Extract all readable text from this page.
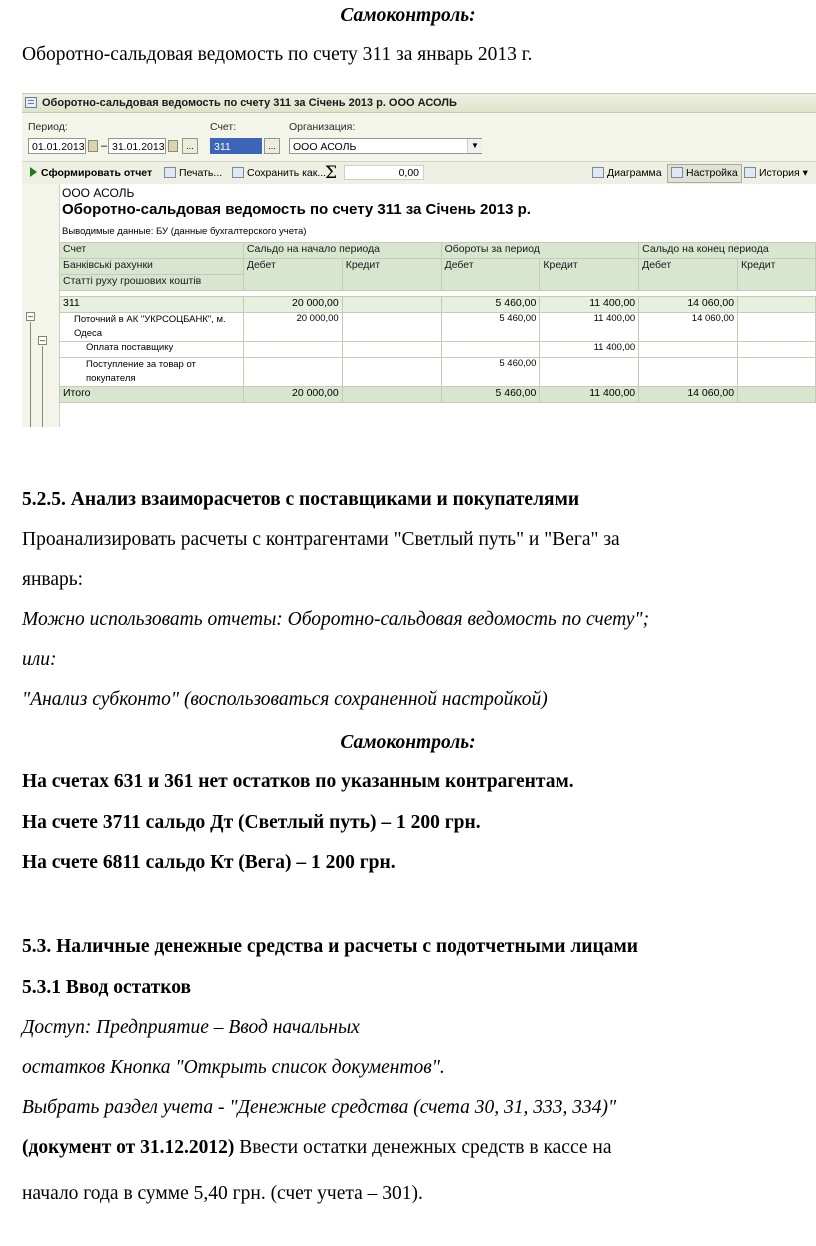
Самоконтроль:
Оборотно-сальдовая ведомость по счету 311 за январь 2013 г.
Оборотно-сальдовая ведомость по счету 311 за Січень 2013 р. ООО АСОЛЬ
Период:
01.01.2013 – 31.01.2013	...
Счет:
311	...
Организация:
ООО АСОЛЬ	▼
Сформировать отчет	Печать...	Сохранить как...
Σ	0,00	Диаграмма	Настройка	История ▾
–
–
ООО АСОЛЬ
Оборотно-сальдовая ведомость по счету 311 за Січень 2013 р.
Выводимые данные: БУ (данные бухгалтерского учета)
Счет	Сальдо на начало периода		Обороты за период		Сальдо на конец периода	
Банківські рахунки	Дебет	Кредит	Дебет	Кредит	Дебет	Кредит
Статті руху грошових коштів						

311	20 000,00		5 460,00	11 400,00	14 060,00	
Поточний в АК "УКРСОЦБАНК", м.
Одеса	20 000,00		5 460,00	11 400,00	14 060,00	
Оплата поставщику				11 400,00		
Поступление за товар от
покупателя			5 460,00			
Итого	20 000,00		5 460,00	11 400,00	14 060,00	
5.2.5. Анализ взаиморасчетов с поставщиками и покупателями
Проанализировать расчеты с контрагентами "Светлый путь" и "Вега" за
январь:
Можно использовать отчеты: Оборотно-сальдовая ведомость по счету";
или:
"Анализ субконто" (воспользоваться сохраненной настройкой)
Самоконтроль:
На счетах 631 и 361 нет остатков по указанным контрагентам.
На счете 3711 сальдо Дт (Светлый путь) – 1 200 грн.
На счете 6811 сальдо Кт (Вега) – 1 200 грн.
5.3. Наличные денежные средства и расчеты с подотчетными лицами
5.3.1 Ввод остатков
Доступ: Предприятие – Ввод начальных
остатков Кнопка "Открыть список документов".
Выбрать раздел учета - "Денежные средства (счета 30, 31, 333, 334)"
(документ от 31.12.2012) Ввести остатки денежных средств в кассе на
начало года в сумме 5,40 грн. (счет учета – 301).
